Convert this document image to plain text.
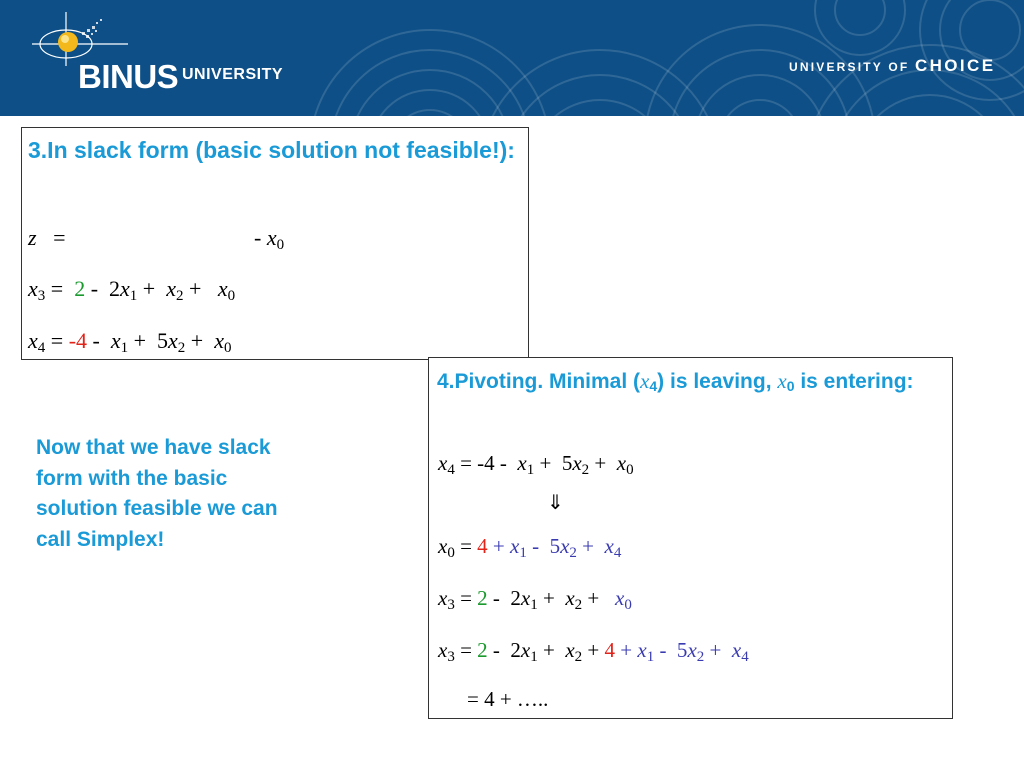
BINUS UNIVERSITY	UNIVERSITY OF CHOICE

3.In slack form (basic solution not feasible!):

z   =	- $x_0$
$x_3 = 2 - 2x_1 + x_2 + x_0$
$x_4 = -4 - x_1 + 5x_2 + x_0$

Now that we have slack form with the basic solution feasible we can call Simplex!

4.Pivoting. Minimal $(x_4)$ is leaving, $x_0$ is entering:

$x_4 = -4 - x_1 + 5x_2 + x_0$
⇓
$x_0 = 4 + x_1 - 5x_2 + x_4$
$x_3 = 2 - 2x_1 + x_2 + x_0$
$x_3 = 2 - 2x_1 + x_2 + 4 + x_1 - 5x_2 + x_4$
= 4 + …..
